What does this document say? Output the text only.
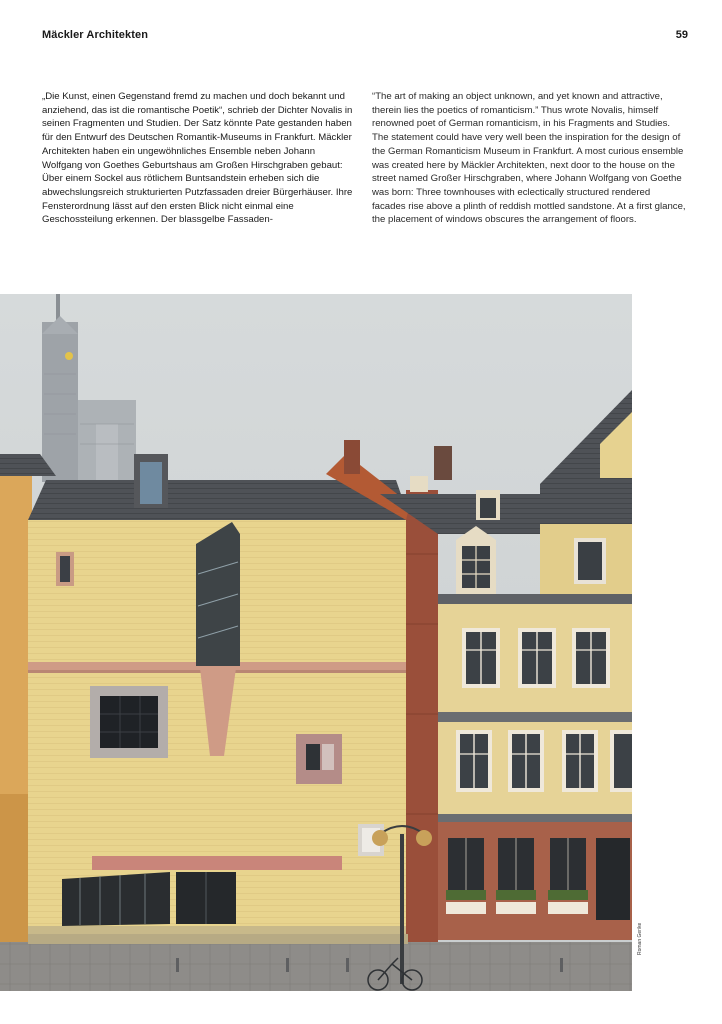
Mäckler Architekten	59
„Die Kunst, einen Gegenstand fremd zu machen und doch bekannt und anziehend, das ist die romantische Poetik“, schrieb der Dichter Novalis in seinen Fragmenten und Studien. Der Satz könnte Pate gestanden haben für den Entwurf des Deutschen Romantik-Museums in Frankfurt. Mäckler Architekten haben ein ungewöhnliches Ensemble neben Johann Wolfgang von Goethes Geburtshaus am Großen Hirschgraben gebaut: Über einem Sockel aus rötlichem Buntsandstein erheben sich die abwechslungsreich strukturierten Putzfassaden dreier Bürgerhäuser. Ihre Fensterordnung lässt auf den ersten Blick nicht einmal eine Geschossteilung erkennen. Der blassgelbe Fassaden-
“The art of making an object unknown, and yet known and attractive, therein lies the poetics of romanticism.” Thus wrote Novalis, himself renowned poet of German romanticism, in his Fragments and Studies. The statement could have very well been the inspiration for the design of the German Romanticism Museum in Frankfurt. A most curious ensemble was created here by Mäckler Architekten, next door to the house on the street named Großer Hirschgraben, where Johann Wolfgang von Goethe was born: Three townhouses with eclectically structured rendered facades rise above a plinth of reddish mottled sandstone. At a first glance, the placement of windows obscures the arrangement of floors.
Roman Gerike
